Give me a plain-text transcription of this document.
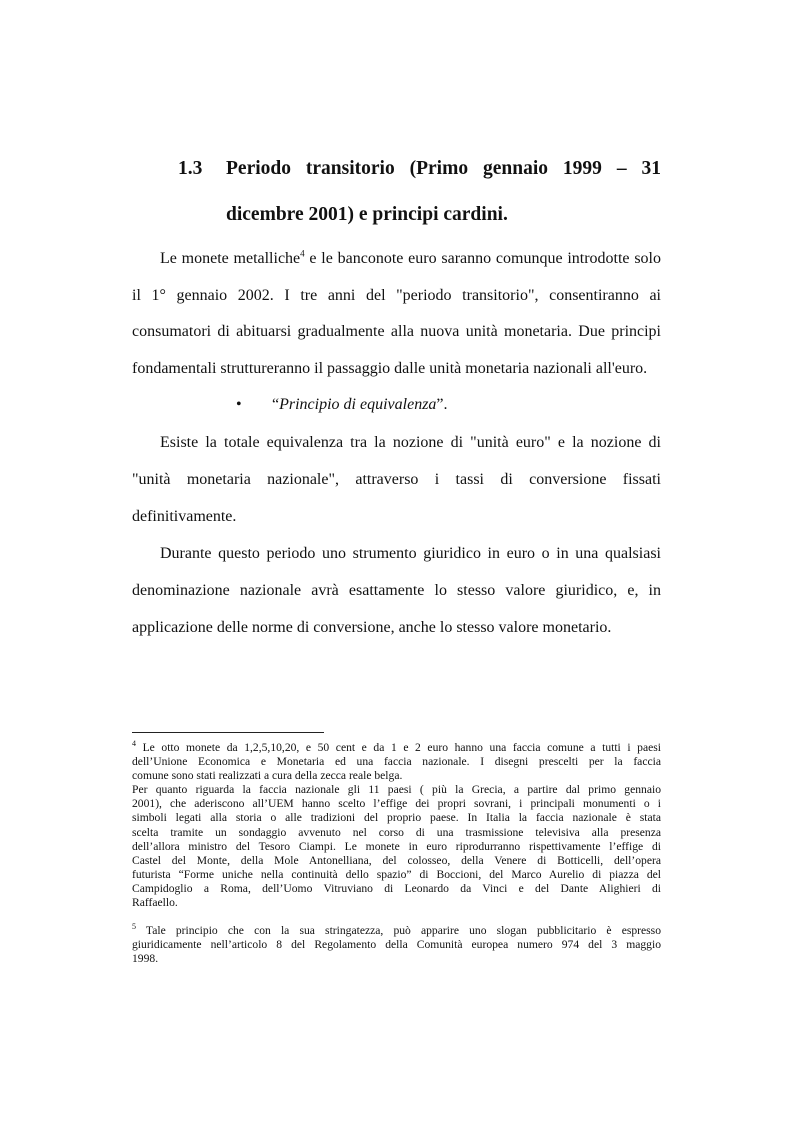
1.3	Periodo transitorio (Primo gennaio 1999 – 31
dicembre 2001) e principi cardini.
Le monete metalliche$^4$ e le banconote euro saranno comunque introdotte solo
il 1° gennaio 2002. I tre anni del "periodo transitorio", consentiranno ai
consumatori di abituarsi gradualmente alla nuova unità monetaria. Due principi
fondamentali struttureranno il passaggio dalle unità monetaria nazionali all'euro.
Esiste la totale equivalenza tra la nozione di "unità euro" e la nozione di
"unità monetaria nazionale", attraverso i tassi di conversione fissati
definitivamente.
Durante questo periodo uno strumento giuridico in euro o in una qualsiasi
denominazione nazionale avrà esattamente lo stesso valore giuridico, e, in
applicazione delle norme di conversione, anche lo stesso valore monetario.
• “Principio di equivalenza”.
$^4$ Le otto monete da 1,2,5,10,20, e 50 cent e da 1 e 2 euro hanno una faccia comune a tutti i paesi
dell’Unione Economica e Monetaria ed una faccia nazionale. I disegni prescelti per la faccia
comune sono stati realizzati a cura della zecca reale belga.
Per quanto riguarda la faccia nazionale gli 11 paesi ( più la Grecia, a partire dal primo gennaio
2001), che aderiscono all’UEM hanno scelto l’effige dei propri sovrani, i principali monumenti o i
simboli legati alla storia o alle tradizioni del proprio paese. In Italia la faccia nazionale è stata
scelta tramite un sondaggio avvenuto nel corso di una trasmissione televisiva alla presenza
dell’allora ministro del Tesoro Ciampi. Le monete in euro riprodurranno rispettivamente l’effige di
Castel del Monte, della Mole Antonelliana, del colosseo, della Venere di Botticelli, dell’opera
futurista “Forme uniche nella continuità dello spazio” di Boccioni, del Marco Aurelio di piazza del
Campidoglio a Roma, dell’Uomo Vitruviano di Leonardo da Vinci e del Dante Alighieri di
Raffaello.
$^5$ Tale principio che con la sua stringatezza, può apparire uno slogan pubblicitario è espresso
giuridicamente nell’articolo 8 del Regolamento della Comunità europea numero 974 del 3 maggio
1998.
